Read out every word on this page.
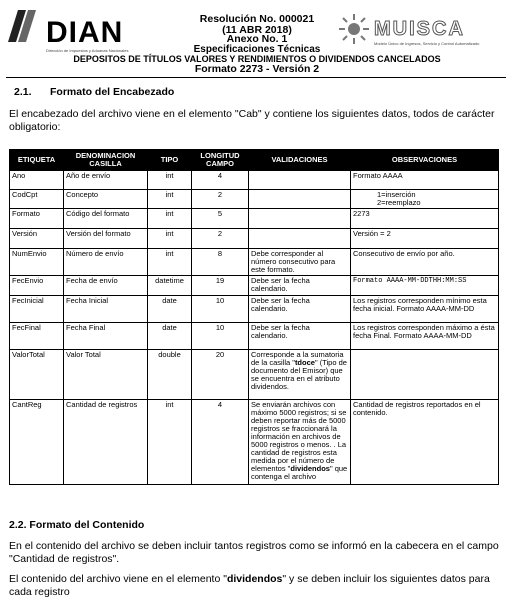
DIAN
Dirección de Impuestos y Aduanas Nacionales
MUISCA
Modelo Único de Ingresos, Servicio y Control Automatizado
Resolución No. 000021
(11 ABR 2018)
Anexo No. 1
Especificaciones Técnicas
DEPOSITOS DE TÍTULOS VALORES Y RENDIMIENTOS O DIVIDENDOS CANCELADOS
Formato 2273 - Versión 2
2.1. Formato del Encabezado
El encabezado del archivo viene en el elemento "Cab" y contiene los siguientes datos, todos de carácter obligatorio:
ETIQUETA	DENOMINACION CASILLA	TIPO	LONGITUD CAMPO	VALIDACIONES	OBSERVACIONES
Ano	Año de envío	int	4		Formato AAAA
CodCpt	Concepto	int	2		1=inserción
2=reemplazo

Formato	Código del formato	int	5		2273
Versión	Versión del formato	int	2		Versión = 2
NumEnvio	Número de envío	int	8	Debe corresponder al número consecutivo para este formato.	Consecutivo de envío por año.
FecEnvio	Fecha de envío	datetime	19	Debe ser la fecha calendario.	Formato AAAA-MM-DDTHH:MM:SS
FecInicial	Fecha Inicial	date	10	Debe ser la fecha calendario.	Los registros corresponden mínimo esta fecha inicial. Formato AAAA-MM-DD
FecFinal	Fecha Final	date	10	Debe ser la fecha calendario.	Los registros corresponden máximo a ésta fecha Final. Formato AAAA-MM-DD
ValorTotal	Valor Total	double	20	Corresponde a la sumatoria de la casilla "tdoce" (Tipo de documento del Emisor) que se encuentra en el atributo dividendos.	
CantReg	Cantidad de registros	int	4	Se enviarán archivos con máximo 5000 registros; si se deben reportar más de 5000 registros se fraccionará la información en archivos de 5000 registros o menos. . La cantidad de registros esta medida por el número de elementos "dividendos" que contenga el archivo	Cantidad de registros reportados en el contenido.
2.2. Formato del Contenido
En el contenido del archivo se deben incluir tantos registros como se informó en la cabecera en el campo "Cantidad de registros".
El contenido del archivo viene en el elemento "dividendos" y se deben incluir los siguientes datos para cada registro
